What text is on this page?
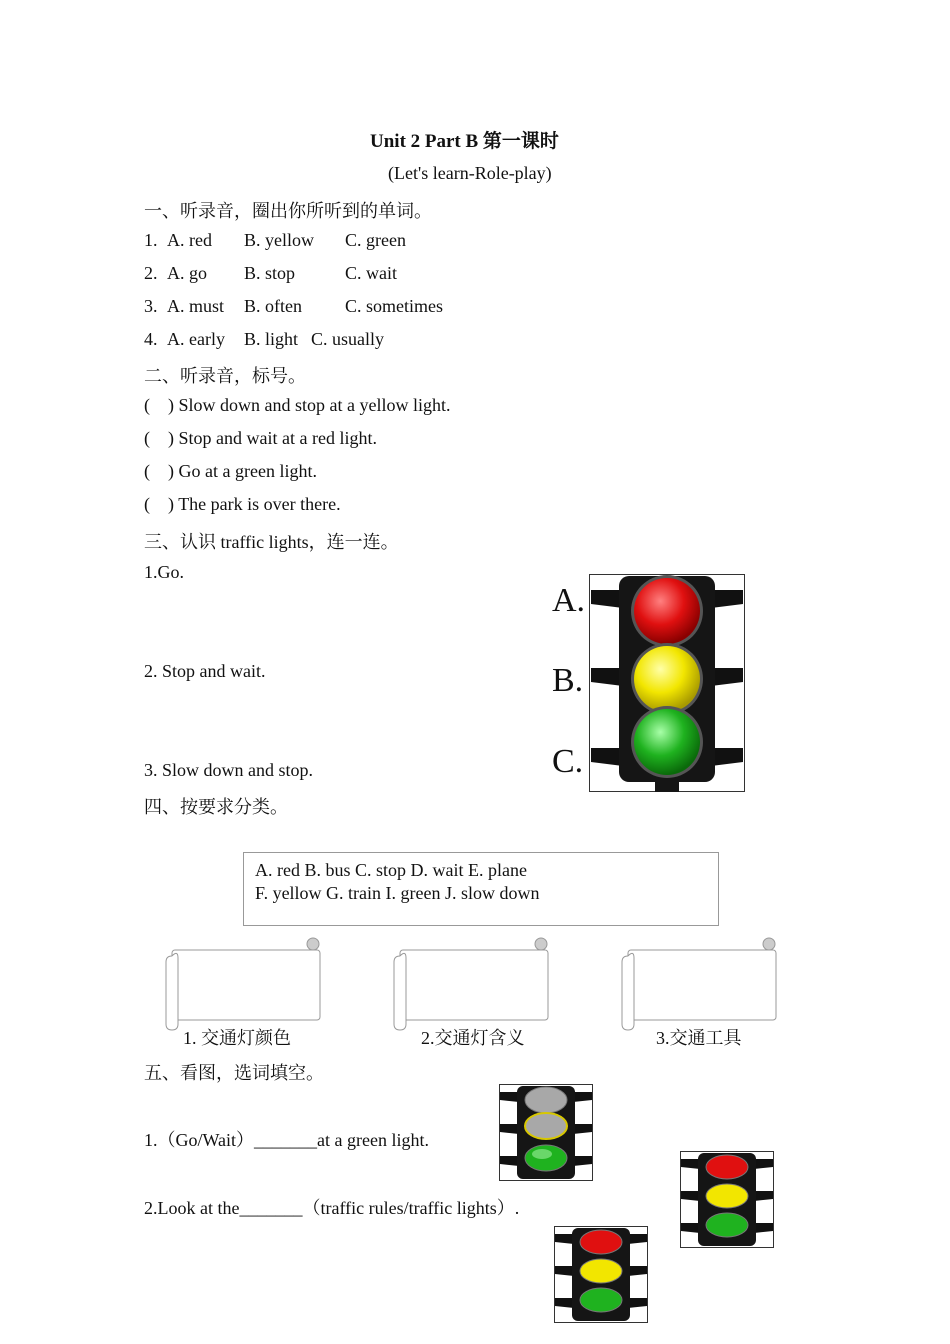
Unit 2 Part B 第一课时
(Let's learn-Role-play)
一、听录音，圈出你所听到的单词。
1. A. red B. yellow C. green
2. A. go B. stop	C. wait
3. A. must B. often C. sometimes
4. A. early B. light C. usually
二、听录音，标号。
( ) Slow down and stop at a yellow light.
( ) Stop and wait at a red light.
( ) Go at a green light.
( ) The park is over there.
三、认识 traffic lights，连一连。
1.Go.
2. Stop and wait.
3. Slow down and stop.
A.
B.
C.
四、按要求分类。
A. red B. bus C. stop D. wait E. plane
F. yellow G. train I. green J. slow down
1. 交通灯颜色	2.交通灯含义	3.交通工具
五、看图，选词填空。
1.（Go/Wait）_______at a green light.
2.Look at the_______（traffic rules/traffic lights）.
